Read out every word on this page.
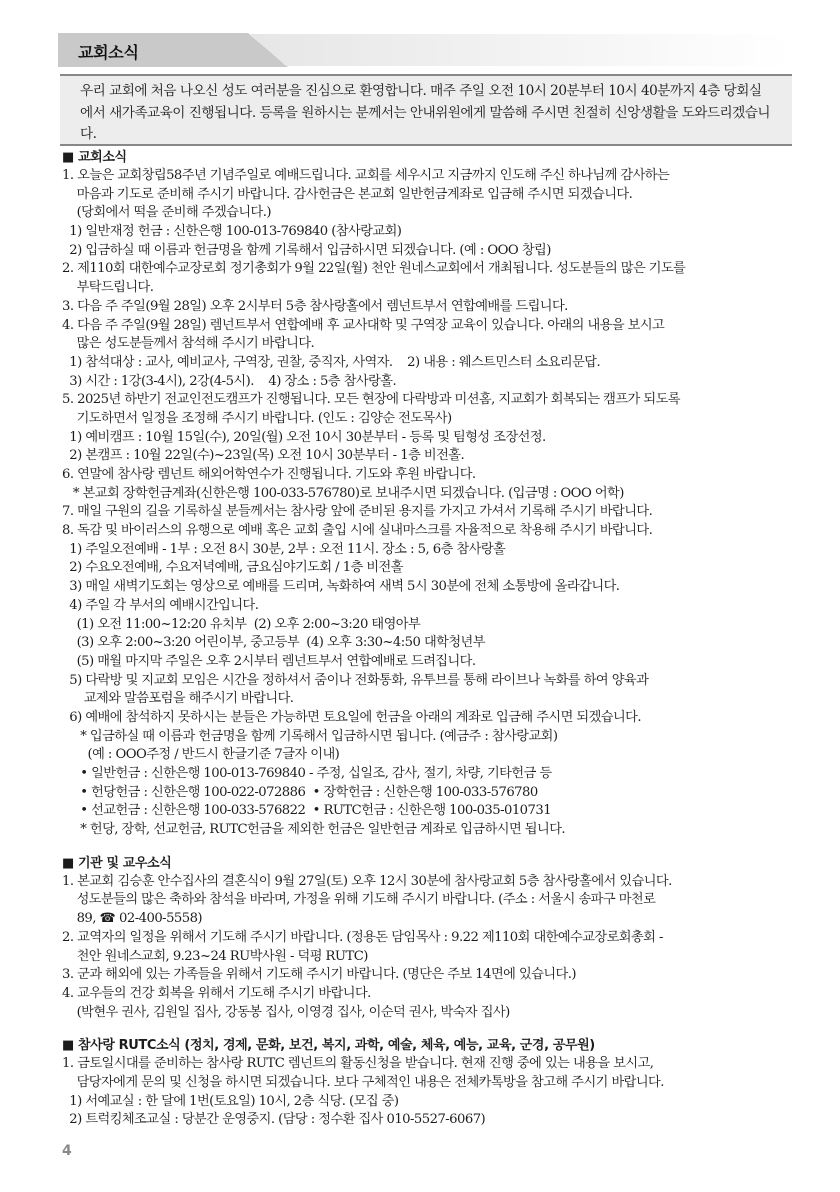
교회소식
우리 교회에 처음 나오신 성도 여러분을 진심으로 환영합니다. 매주 주일 오전 10시 20분부터 10시 40분까지 4층 당회실에서 새가족교육이 진행됩니다. 등록을 원하시는 분께서는 안내위원에게 말씀해 주시면 친절히 신앙생활을 도와드리겠습니다.
■ 교회소식
1. 오늘은 교회창립58주년 기념주일로 예배드립니다. 교회를 세우시고 지금까지 인도해 주신 하나님께 감사하는
마음과 기도로 준비해 주시기 바랍니다. 감사헌금은 본교회 일반헌금계좌로 입금해 주시면 되겠습니다.
(당회에서 떡을 준비해 주겠습니다.)
1) 일반재정 헌금 : 신한은행 100-013-769840 (참사랑교회)
2) 입금하실 때 이름과 헌금명을 함께 기록해서 입금하시면 되겠습니다. (예 : OOO 창립)
2. 제110회 대한예수교장로회 정기총회가 9월 22일(월) 천안 원네스교회에서 개최됩니다. 성도분들의 많은 기도를
부탁드립니다.
3. 다음 주 주일(9월 28일) 오후 2시부터 5층 참사랑홀에서 렘넌트부서 연합예배를 드립니다.
4. 다음 주 주일(9월 28일) 렘넌트부서 연합예배 후 교사대학 및 구역장 교육이 있습니다. 아래의 내용을 보시고
많은 성도분들께서 참석해 주시기 바랍니다.
1) 참석대상 : 교사, 예비교사, 구역장, 권찰, 중직자, 사역자.    2) 내용 : 웨스트민스터 소요리문답.
3) 시간 : 1강(3-4시), 2강(4-5시).    4) 장소 : 5층 참사랑홀.
5. 2025년 하반기 전교인전도캠프가 진행됩니다. 모든 현장에 다락방과 미션홈, 지교회가 회복되는 캠프가 되도록
기도하면서 일정을 조정해 주시기 바랍니다. (인도 : 김양순 전도목사)
1) 예비캠프 : 10월 15일(수), 20일(월) 오전 10시 30분부터 - 등록 및 팀형성 조장선정.
2) 본캠프 : 10월 22일(수)~23일(목) 오전 10시 30분부터 - 1층 비전홀.
6. 연말에 참사랑 렘넌트 해외어학연수가 진행됩니다. 기도와 후원 바랍니다.
* 본교회 장학헌금계좌(신한은행 100-033-576780)로 보내주시면 되겠습니다. (입금명 : OOO 어학)
7. 매일 구원의 길을 기록하실 분들께서는 참사랑 앞에 준비된 용지를 가지고 가셔서 기록해 주시기 바랍니다.
8. 독감 및 바이러스의 유행으로 예배 혹은 교회 출입 시에 실내마스크를 자율적으로 착용해 주시기 바랍니다.
1) 주일오전예배 - 1부 : 오전 8시 30분, 2부 : 오전 11시. 장소 : 5, 6층 참사랑홀
2) 수요오전예배, 수요저녁예배, 금요심야기도회 / 1층 비전홀
3) 매일 새벽기도회는 영상으로 예배를 드리며, 녹화하여 새벽 5시 30분에 전체 소통방에 올라갑니다.
4) 주일 각 부서의 예배시간입니다.
(1) 오전 11:00~12:20 유치부  (2) 오후 2:00~3:20 태영아부
(3) 오후 2:00~3:20 어린이부, 중고등부  (4) 오후 3:30~4:50 대학청년부
(5) 매월 마지막 주일은 오후 2시부터 렘넌트부서 연합예배로 드려집니다.
5) 다락방 및 지교회 모임은 시간을 정하셔서 줌이나 전화통화, 유투브를 통해 라이브나 녹화를 하여 양육과
교제와 말씀포럼을 해주시기 바랍니다.
6) 예배에 참석하지 못하시는 분들은 가능하면 토요일에 헌금을 아래의 계좌로 입금해 주시면 되겠습니다.
* 입금하실 때 이름과 헌금명을 함께 기록해서 입금하시면 됩니다. (예금주 : 참사랑교회)
(예 : OOO주정 / 반드시 한글기준 7글자 이내)
• 일반헌금 : 신한은행 100-013-769840 - 주정, 십일조, 감사, 절기, 차량, 기타헌금 등
• 헌당헌금 : 신한은행 100-022-072886  • 장학헌금 : 신한은행 100-033-576780
• 선교헌금 : 신한은행 100-033-576822  • RUTC헌금 : 신한은행 100-035-010731
* 헌당, 장학, 선교헌금, RUTC헌금을 제외한 헌금은 일반헌금 계좌로 입금하시면 됩니다.
■ 기관 및 교우소식
1. 본교회 김승훈 안수집사의 결혼식이 9월 27일(토) 오후 12시 30분에 참사랑교회 5층 참사랑홀에서 있습니다.
성도분들의 많은 축하와 참석을 바라며, 가정을 위해 기도해 주시기 바랍니다. (주소 : 서울시 송파구 마천로
89, ☎ 02-400-5558)
2. 교역자의 일정을 위해서 기도해 주시기 바랍니다. (정용돈 담임목사 : 9.22 제110회 대한예수교장로회총회 -
천안 원네스교회, 9.23~24 RU박사원 - 덕평 RUTC)
3. 군과 해외에 있는 가족들을 위해서 기도해 주시기 바랍니다. (명단은 주보 14면에 있습니다.)
4. 교우들의 건강 회복을 위해서 기도해 주시기 바랍니다.
(박현우 권사, 김원일 집사, 강동봉 집사, 이영경 집사, 이순덕 권사, 박숙자 집사)
■ 참사랑 RUTC소식 (정치, 경제, 문화, 보건, 복지, 과학, 예술, 체육, 예능, 교육, 군경, 공무원)
1. 금토일시대를 준비하는 참사랑 RUTC 렘넌트의 활동신청을 받습니다. 현재 진행 중에 있는 내용을 보시고,
담당자에게 문의 및 신청을 하시면 되겠습니다. 보다 구체적인 내용은 전체카톡방을 참고해 주시기 바랍니다.
1) 서예교실 : 한 달에 1번(토요일) 10시, 2층 식당. (모집 중)
2) 트럭킹체조교실 : 당분간 운영중지. (담당 : 정수환 집사 010-5527-6067)
4
